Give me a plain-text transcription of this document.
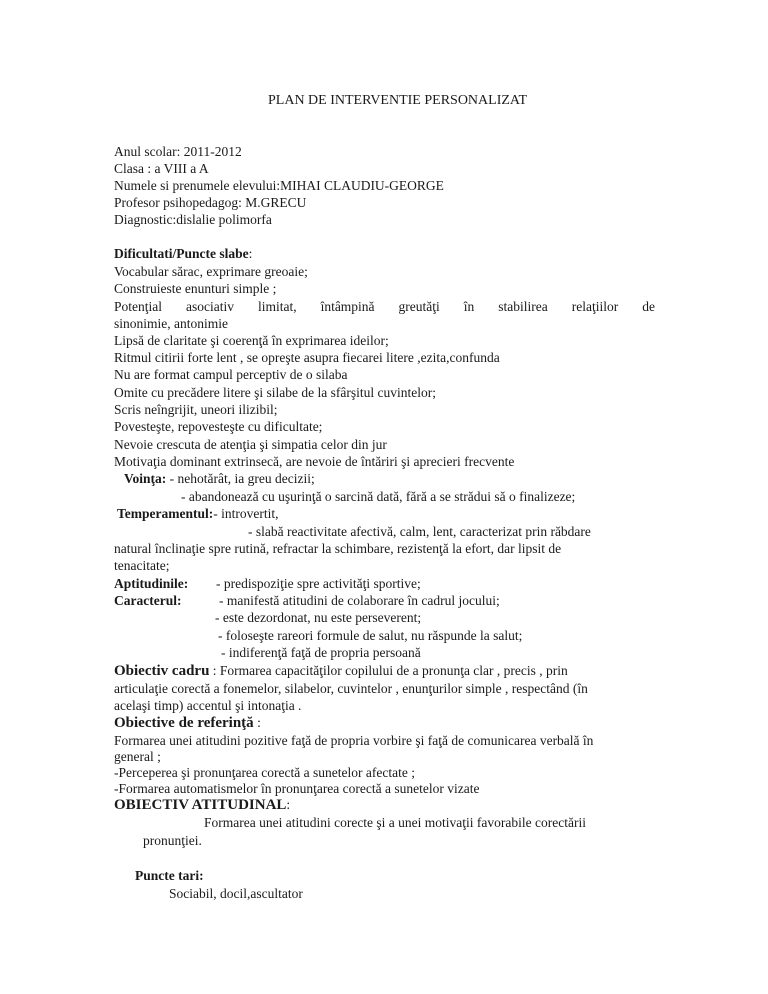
PLAN DE INTERVENTIE PERSONALIZAT
Anul scolar: 2011-2012
Clasa : a VIII a A
Numele si prenumele elevului:MIHAI CLAUDIU-GEORGE
Profesor psihopedagog: M.GRECU
Diagnostic:dislalie polimorfa
Dificultati/Puncte slabe:
Vocabular sărac, exprimare greoaie;
Construieste enunturi simple ;
Potenţial asociativ limitat, întâmpină greutăţi în stabilirea relaţiilor de
sinonimie, antonimie
Lipsă de claritate şi coerenţă în exprimarea ideilor;
Ritmul citirii forte lent , se opreşte asupra fiecarei litere ,ezita,confunda
Nu are format campul perceptiv de o silaba
Omite cu precădere litere şi silabe de la sfârşitul cuvintelor;
Scris neîngrijit, uneori ilizibil;
Povesteşte, repovesteşte cu dificultate;
Nevoie crescuta de atenţia şi simpatia celor din jur
Motivaţia dominant extrinsecă, are nevoie de întăriri şi aprecieri frecvente
Voinţa: - nehotărât, ia greu decizii;
- abandonează cu uşurinţă o sarcină dată, fără a se strădui să o finalizeze;
Temperamentul:- introvertit,
- slabă reactivitate afectivă, calm, lent, caracterizat prin răbdare
natural înclinaţie spre rutină, refractar la schimbare, rezistenţă la efort, dar lipsit de
tenacitate;
Aptitudinile: - predispoziţie spre activităţi sportive;
Caracterul:	- manifestă atitudini de colaborare în cadrul jocului;
- este dezordonat, nu este perseverent;
- foloseşte rareori formule de salut, nu răspunde la salut;
- indiferenţă faţă de propria persoană
Obiectiv cadru : Formarea capacităţilor copilului de a pronunţa clar , precis , prin
articulaţie corectă a fonemelor, silabelor, cuvintelor , enunţurilor simple , respectând (în
acelaşi timp) accentul şi intonaţia .
Obiective de referinţă :
Formarea unei atitudini pozitive faţă de propria vorbire şi faţă de comunicarea verbală în
general ;
-Perceperea şi pronunţarea corectă a sunetelor afectate ;
-Formarea automatismelor în pronunţarea corectă a sunetelor vizate
OBIECTIV ATITUDINAL:
Formarea unei atitudini corecte şi a unei motivaţii favorabile corectării
pronunţiei.
Puncte tari:
Sociabil, docil,ascultator
